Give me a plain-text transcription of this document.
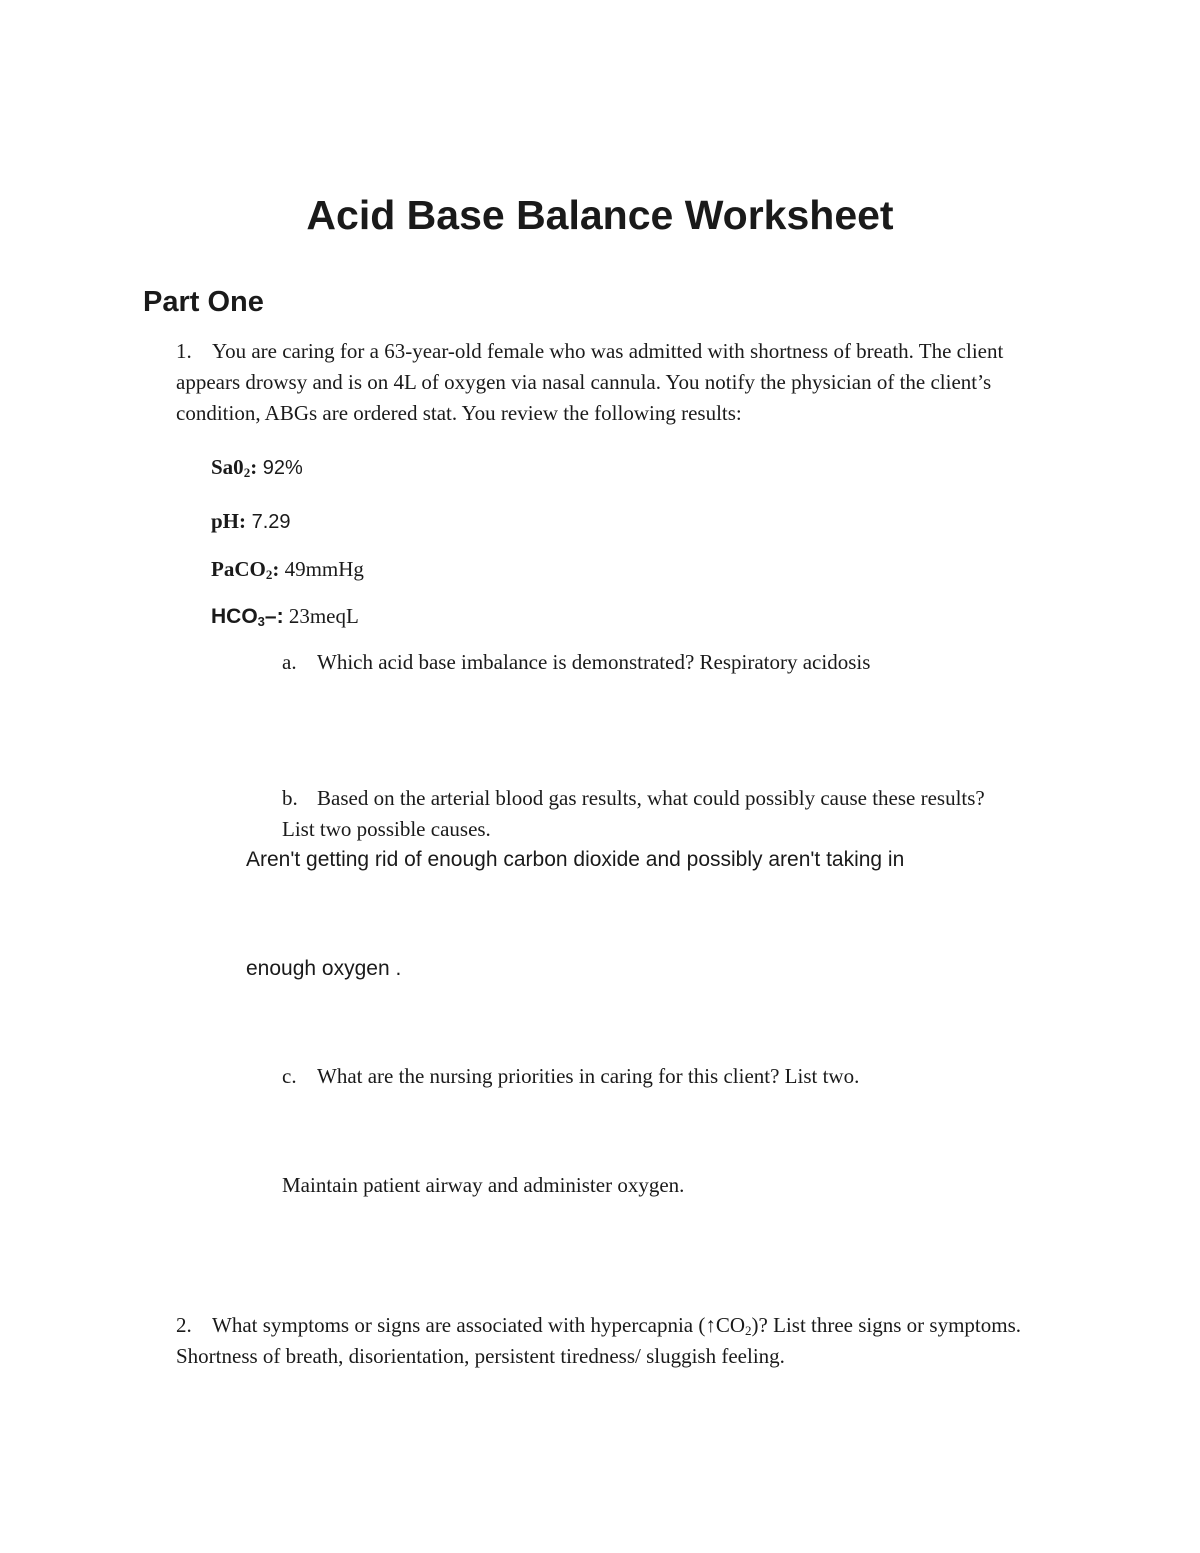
Acid Base Balance Worksheet
Part One
1. You are caring for a 63-year-old female who was admitted with shortness of breath. The client appears drowsy and is on 4L of oxygen via nasal cannula. You notify the physician of the client’s condition, ABGs are ordered stat. You review the following results:

$Sa0_2$: 92%
pH: 7.29
PaCO$_2$: 49mmHg
$HCO_3-$: 23meqL
a. Which acid base imbalance is demonstrated? Respiratory acidosis

b. Based on the arterial blood gas results, what could possibly cause these results? List two possible causes.

Aren't getting rid of enough carbon dioxide and possibly aren't taking in
enough oxygen .
c. What are the nursing priorities in caring for this client? List two.

Maintain patient airway and administer oxygen.
2. What symptoms or signs are associated with hypercapnia $(↑CO_2)$? List three signs or symptoms.

Shortness of breath, disorientation, persistent tiredness/ sluggish feeling.
